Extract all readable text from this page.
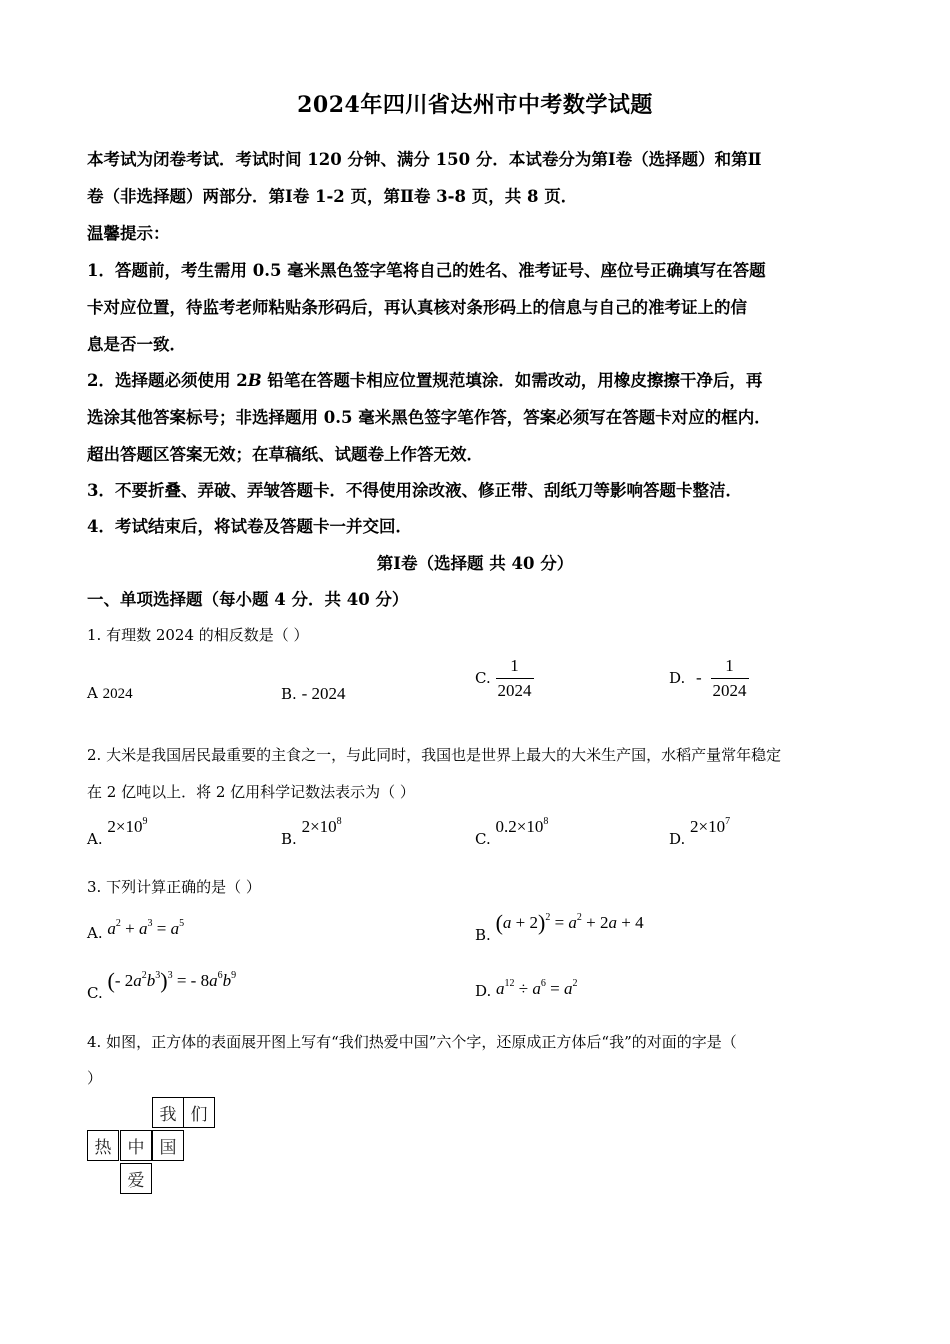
2024年四川省达州市中考数学试题
本考试为闭卷考试．考试时间 120 分钟、满分 150 分．本试卷分为第Ⅰ卷（选择题）和第Ⅱ
卷（非选择题）两部分．第Ⅰ卷 1-2 页，第Ⅱ卷 3-8 页，共 8 页．
温馨提示：
1．答题前，考生需用 0.5 毫米黑色签字笔将自己的姓名、准考证号、座位号正确填写在答题
卡对应位置，待监考老师粘贴条形码后，再认真核对条形码上的信息与自己的准考证上的信
息是否一致．
2．选择题必须使用 2B 铅笔在答题卡相应位置规范填涂．如需改动，用橡皮擦擦干净后，再
选涂其他答案标号；非选择题用 0.5 毫米黑色签字笔作答，答案必须写在答题卡对应的框内．
超出答题区答案无效；在草稿纸、试题卷上作答无效．
3．不要折叠、弄破、弄皱答题卡．不得使用涂改液、修正带、刮纸刀等影响答题卡整洁．
4．考试结束后，将试卷及答题卡一并交回．
第Ⅰ卷（选择题 共 40 分）
一、单项选择题（每小题 4 分．共 40 分）
1. 有理数 2024 的相反数是（ ）
A 2024	B. - 2024
C. $\frac{1}{2024}$	D. - $\frac{1}{2024}$
2. 大米是我国居民最重要的主食之一，与此同时，我国也是世界上最大的大米生产国，水稻产量常年稳定
在 2 亿吨以上．将 2 亿用科学记数法表示为（ ）
A. $2\times 10^9$
B. $2\times 10^8$
C. $0.2\times 10^8$
D. $2\times 10^7$
3. 下列计算正确的是（ ）
A. $a^2 + a^3 = a^5$
B. $(a + 2)^2 = a^2 + 2a + 4$
C. (- $2a^2b^3)^3$ = - $8a^6b^9$
D. $a^{12} \div a^6 = a^2$
4. 如图，正方体的表面展开图上写有“我们热爱中国”六个字，还原成正方体后“我”的对面的字是（
）
我 们
热 中 国
爱
